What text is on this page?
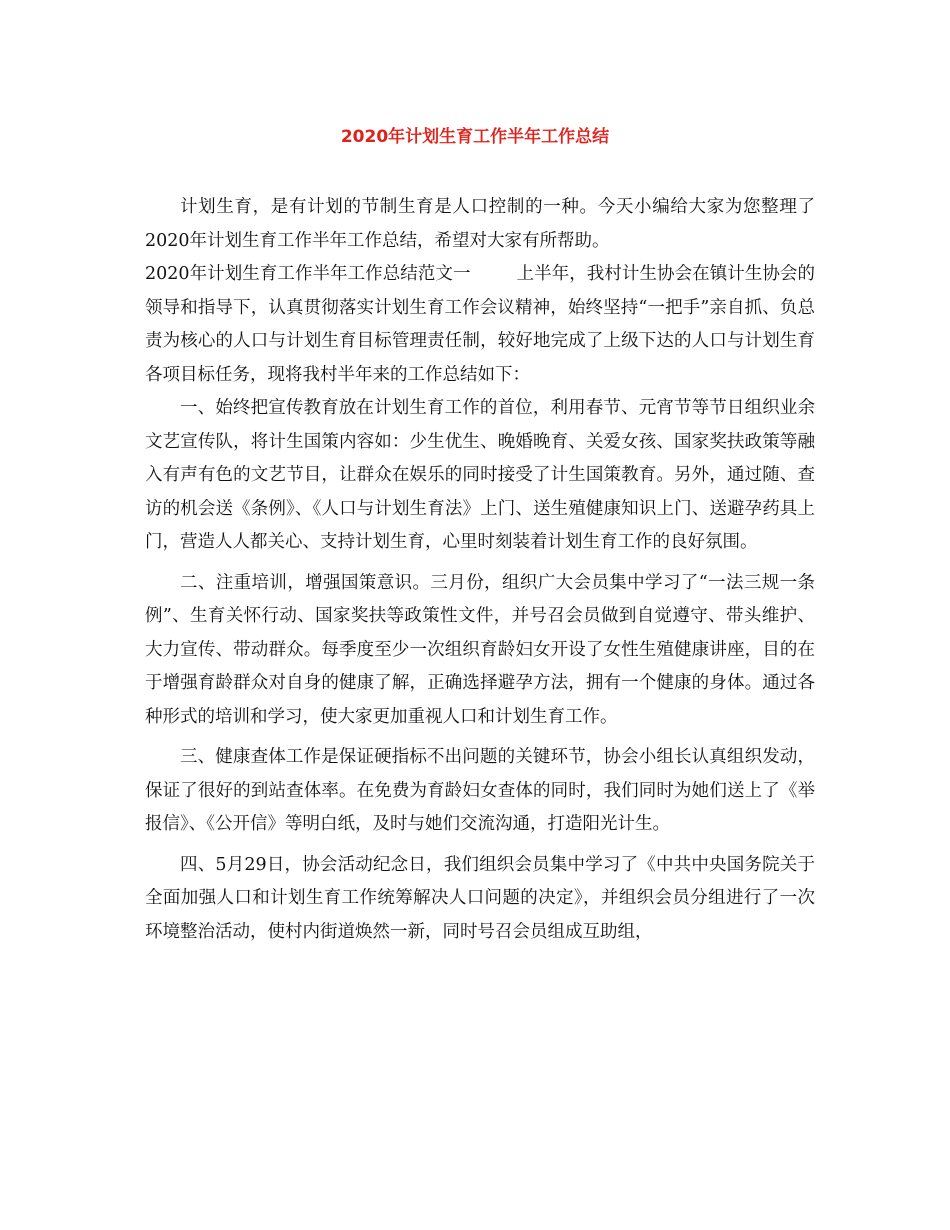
2020年计划生育工作半年工作总结

计划生育，是有计划的节制生育是人口控制的一种。今天小编给大家为您整理了2020年计划生育工作半年工作总结，希望对大家有所帮助。

2020年计划生育工作半年工作总结范文一	上半年，我村计生协会在镇计生协会的领导和指导下，认真贯彻落实计划生育工作会议精神，始终坚持“一把手”亲自抓、负总责为核心的人口与计划生育目标管理责任制，较好地完成了上级下达的人口与计划生育各项目标任务，现将我村半年来的工作总结如下：

一、始终把宣传教育放在计划生育工作的首位，利用春节、元宵节等节日组织业余文艺宣传队，将计生国策内容如：少生优生、晚婚晚育、关爱女孩、国家奖扶政策等融入有声有色的文艺节目，让群众在娱乐的同时接受了计生国策教育。另外，通过随、查访的机会送《条例》、《人口与计划生育法》上门、送生殖健康知识上门、送避孕药具上门，营造人人都关心、支持计划生育，心里时刻装着计划生育工作的良好氛围。

二、注重培训，增强国策意识。三月份，组织广大会员集中学习了“一法三规一条例”、生育关怀行动、国家奖扶等政策性文件，并号召会员做到自觉遵守、带头维护、大力宣传、带动群众。每季度至少一次组织育龄妇女开设了女性生殖健康讲座，目的在于增强育龄群众对自身的健康了解，正确选择避孕方法，拥有一个健康的身体。通过各种形式的培训和学习，使大家更加重视人口和计划生育工作。

三、健康查体工作是保证硬指标不出问题的关键环节，协会小组长认真组织发动，保证了很好的到站查体率。在免费为育龄妇女查体的同时，我们同时为她们送上了《举报信》、《公开信》等明白纸，及时与她们交流沟通，打造阳光计生。

四、5月29日，协会活动纪念日，我们组织会员集中学习了《中共中央国务院关于全面加强人口和计划生育工作统筹解决人口问题的决定》，并组织会员分组进行了一次环境整治活动，使村内街道焕然一新，同时号召会员组成互助组，
